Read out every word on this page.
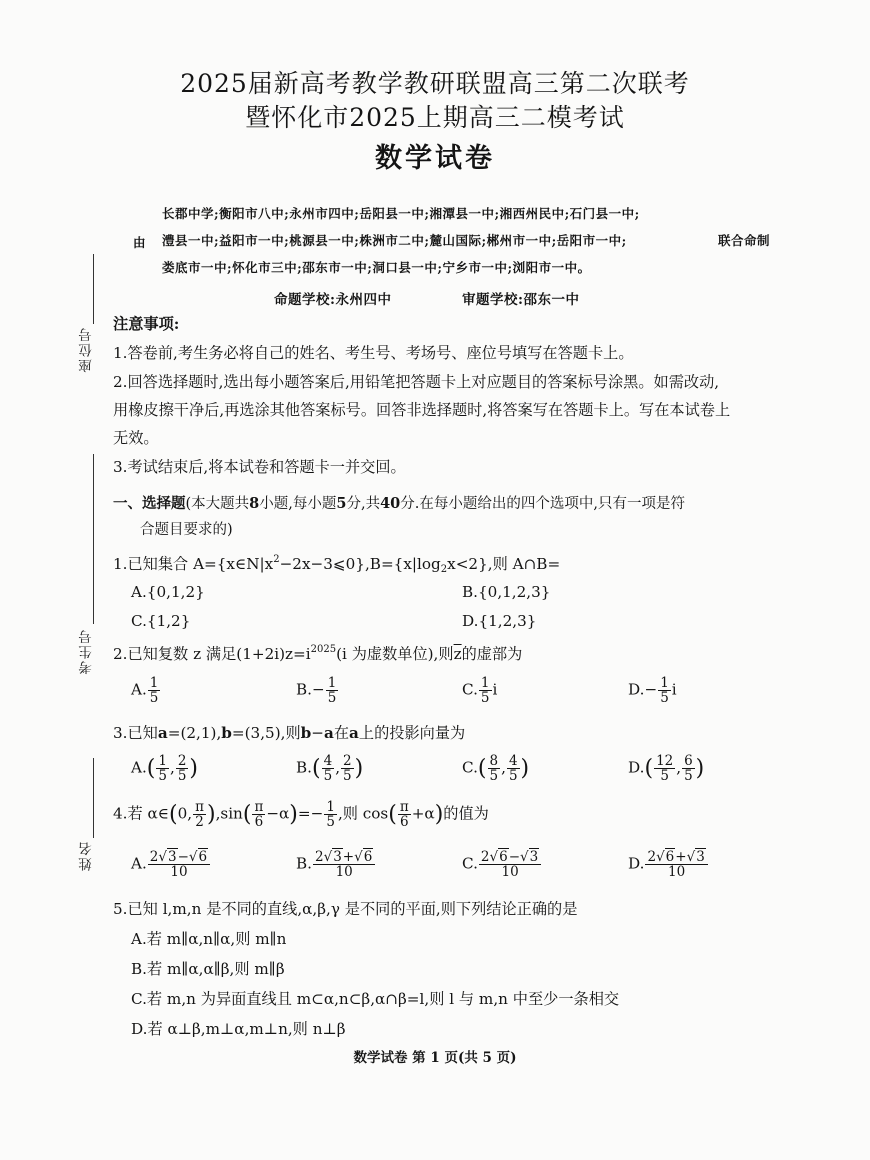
2025届新高考教学教研联盟高三第二次联考
暨怀化市2025上期高三二模考试
数学试卷
长郡中学;衡阳市八中;永州市四中;岳阳县一中;湘潭县一中;湘西州民中;石门县一中;
由 澧县一中;益阳市一中;桃源县一中;株洲市二中;麓山国际;郴州市一中;岳阳市一中;	联合命制
娄底市一中;怀化市三中;邵东市一中;洞口县一中;宁乡市一中;浏阳市一中。
命题学校:永州四中	审题学校:邵东一中
座位号
考生号
姓名
注意事项:
1.答卷前,考生务必将自己的姓名、考生号、考场号、座位号填写在答题卡上。
2.回答选择题时,选出每小题答案后,用铅笔把答题卡上对应题目的答案标号涂黑。如需改动,
用橡皮擦干净后,再选涂其他答案标号。回答非选择题时,将答案写在答题卡上。写在本试卷上
无效。
3.考试结束后,将本试卷和答题卡一并交回。
一、选择题(本大题共8小题,每小题5分,共40分.在每小题给出的四个选项中,只有一项是符
合题目要求的)
1.已知集合 $A=\{x\in N|x^2-2x-3⩽0\},B=\{x|\log_2x<2\}$,则 A∩B=
A.{0,1,2}	B.{0,1,2,3}
C.{1,2}	D.{1,2,3}
2.已知复数 z 满足$(1+2i)z=i^{2025}(i$ 为虚数单位),则$\overline{z}$的虚部为
A. $\frac{1}{5}$	$B.- \frac{1}{5}$	C. $\frac{1}{5}$ i	$D.- \frac{1}{5}$ i
3.已知a=(2,1),b=(3,5),则b−a在a上的投影向量为
$A.( \frac{1}{5}$ , $\frac{2}{5}$ )	$B.( \frac{4}{5}$ , $\frac{2}{5}$ )	$C.( \frac{8}{5}$ , $\frac{4}{5}$ )	$D.( \frac{12}{5}$ , $\frac{6}{5}$ )
4.若 α∈(0, $\frac{\pi}{2} ),\sin( \frac{\pi}{6} -\alpha)=- \frac{1}{5}$ ,则 $\cos( \frac{\pi}{6} +\alpha)$的值为
A. $\frac{2√3-√6}{10}$	B. $\frac{2√3+√6}{10}$	C. $\frac{2√6-√3}{10}$	D. $\frac{2√6+√3}{10}$
5.已知 l,m,n 是不同的直线,α,β,γ 是不同的平面,则下列结论正确的是
A.若 m∥α,n∥α,则 m∥n
B.若 m∥α,α∥β,则 m∥β
C.若 m,n 为异面直线且 m⊂α,n⊂β,α∩β=l,则 l 与 m,n 中至少一条相交
D.若 α⊥β,m⊥α,m⊥n,则 n⊥β
数学试卷 第 1 页(共 5 页)
